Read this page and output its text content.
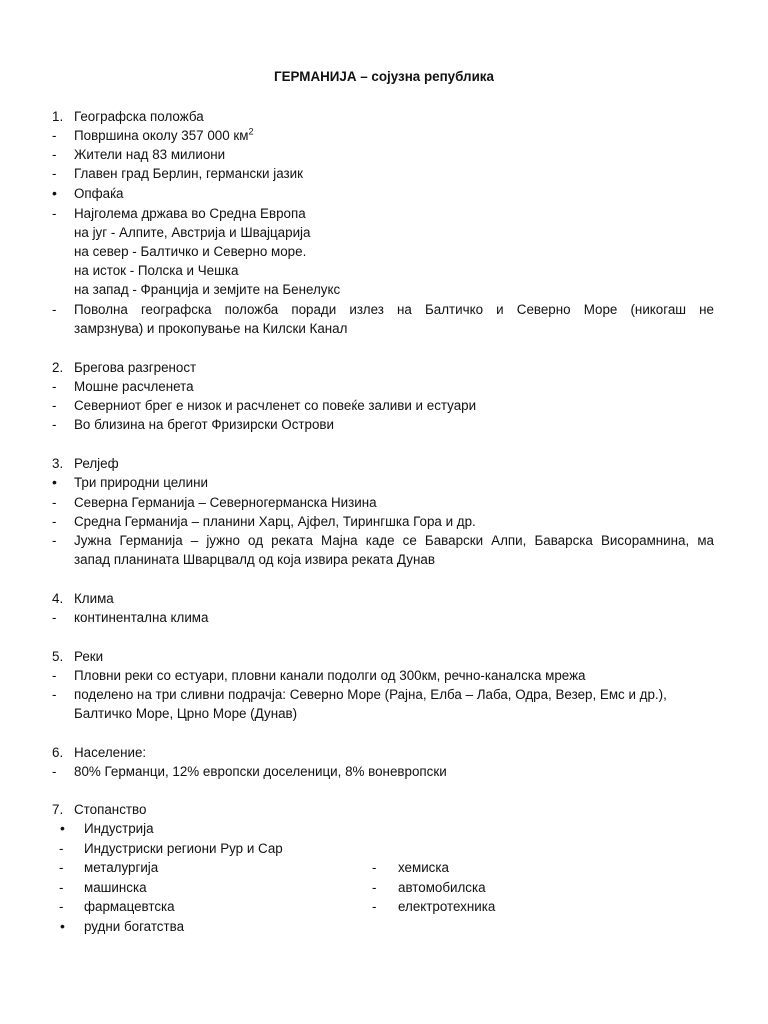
ГЕРМАНИЈА – сојузна република
1. Географска положба
- Површина околу 357 000 $км^2$
- Жители над 83 милиони
- Главен град Берлин, германски јазик
•
Опфаќа
- Најголема држава во Средна Европа
на југ - Алпите, Австрија и Швајцарија
на север - Балтичко и Северно море.
на исток - Полска и Чешка
на запад - Франција и земјите на Бенелукс
- Поволна географска положба поради излез на Балтичко и Северно Море (никогаш не
замрзнува) и прокопување на Килски Канал
2. Брегова разгреност
- Мошне расчленета
- Северниот брег е низок и расчленет со повеќе заливи и естуари
- Во близина на брегот Фризирски Острови
3. Релјеф
•
Три природни целини
- Северна Германија – Северногерманска Низина
- Средна Германија – планини Харц, Ајфел, Тирингшка Гора и др.
- Јужна Германија – јужно од рекатa Мајна каде се Баварски Алпи, Баварска Висорамнина, ма
запад планината Шварцвалд од која извира реката Дунав
4. Клима
- континентална клима
5. Реки
- Пловни реки со естуари, пловни канали подолги од 300км, речно-каналска мрежа
- поделено на три сливни подрачја: Северно Море (Рајна, Елба – Лаба, Одра, Везер, Емс и др.),
Балтичко Море, Црно Море (Дунав)
6. Население:
- 80% Германци, 12% европски доселеници, 8% воневропски
7. Стопанство
•
Индустрија
- Индустриски региони Рур и Сар
- металургија	- хемиска
- машинска	- автомобилска
- фармацевтска	- електротехника
•
рудни богатства
